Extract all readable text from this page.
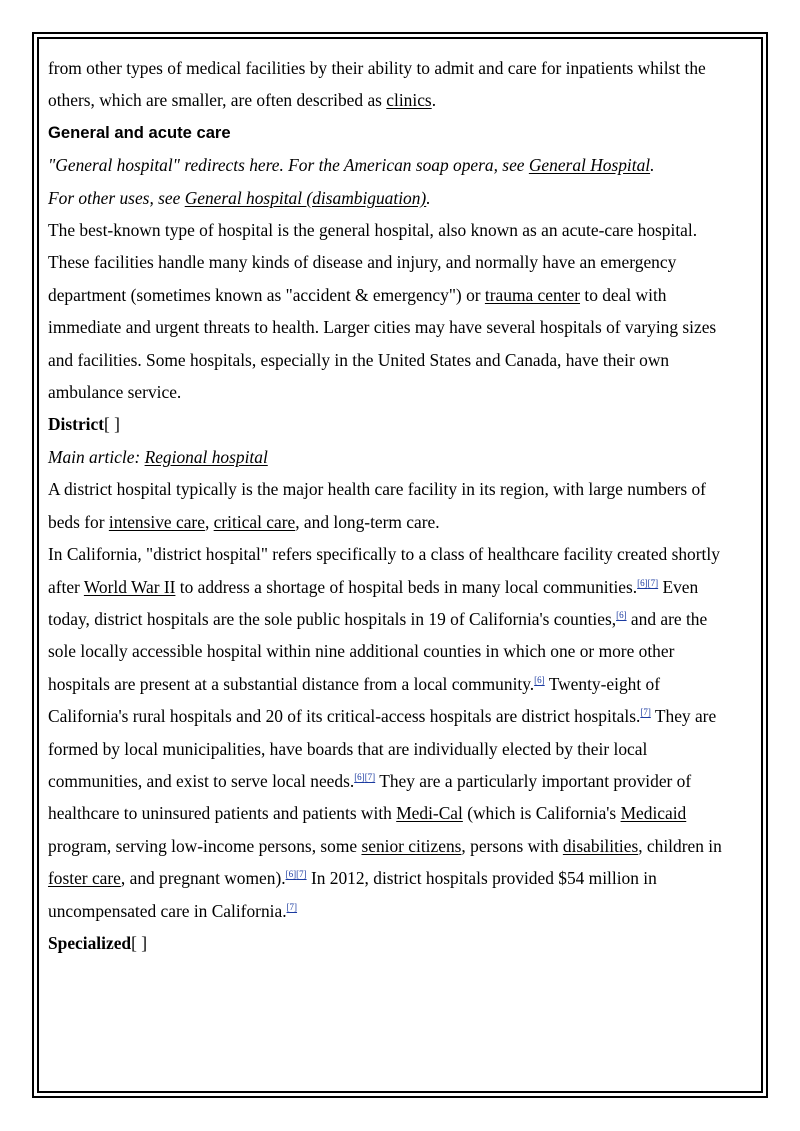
from other types of medical facilities by their ability to admit and care for inpatients whilst the others, which are smaller, are often described as clinics.

General and acute care

"General hospital" redirects here. For the American soap opera, see General Hospital.
For other uses, see General hospital (disambiguation).

The best-known type of hospital is the general hospital, also known as an acute-care hospital. These facilities handle many kinds of disease and injury, and normally have an emergency department (sometimes known as "accident & emergency") or trauma center to deal with immediate and urgent threats to health. Larger cities may have several hospitals of varying sizes and facilities. Some hospitals, especially in the United States and Canada, have their own ambulance service.

District[ ]

Main article: Regional hospital

A district hospital typically is the major health care facility in its region, with large numbers of beds for intensive care, critical care, and long-term care.

In California, "district hospital" refers specifically to a class of healthcare facility created shortly after World War II to address a shortage of hospital beds in many local communities.[6][7] Even today, district hospitals are the sole public hospitals in 19 of California's counties,[6] and are the sole locally accessible hospital within nine additional counties in which one or more other hospitals are present at a substantial distance from a local community.[6] Twenty-eight of California's rural hospitals and 20 of its critical-access hospitals are district hospitals.[7] They are formed by local municipalities, have boards that are individually elected by their local communities, and exist to serve local needs.[6][7] They are a particularly important provider of healthcare to uninsured patients and patients with Medi-Cal (which is California's Medicaid program, serving low-income persons, some senior citizens, persons with disabilities, children in foster care, and pregnant women).[6][7] In 2012, district hospitals provided $54 million in uncompensated care in California.[7]

Specialized[ ]
